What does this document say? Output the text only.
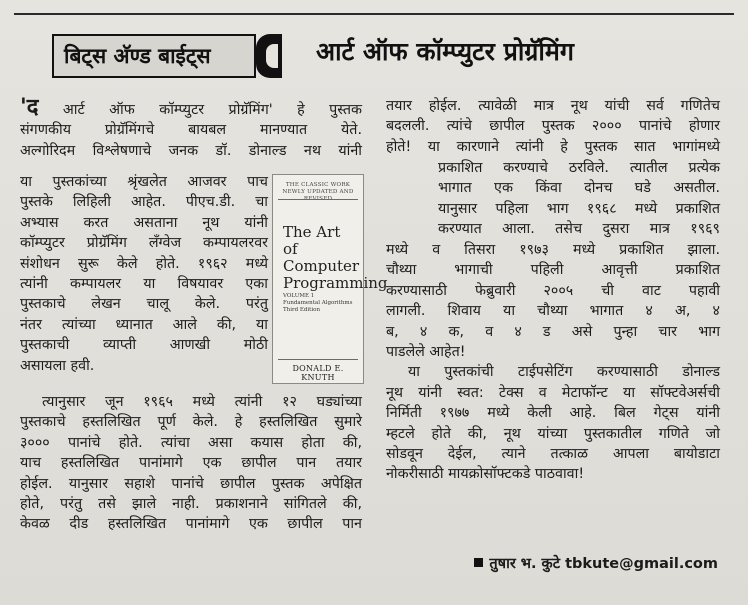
बिट्स अ‍ॅण्ड बाईट्स	आर्ट ऑफ कॉम्प्युटर प्रोग्रॅमिंग

'द आर्ट ऑफ कॉम्प्युटर प्रोग्रॅमिंग' हे पुस्तक

संगणकीय प्रोग्रॅमिंगचे बायबल मानण्यात येते.

अल्गोरिदम विश्लेषणाचे जनक डॉ. डोनाल्ड नथ यांनी

या पुस्तकांच्या श्रृंखलेत आजवर पाच

पुस्तके लिहिली आहेत. पीएच.डी. चा

अभ्यास करत असताना नूथ यांनी

कॉम्प्युटर प्रोग्रॅमिंग लँग्वेज कम्पायलरवर

संशोधन सुरू केले होते. १९६२ मध्ये

त्यांनी कम्पायलर या विषयावर एका

पुस्तकाचे लेखन चालू केले. परंतु

नंतर त्यांच्या ध्यानात आले की, या

पुस्तकाची व्याप्ती आणखी मोठी

असायला हवी.

THE CLASSIC WORK NEWLY UPDATED AND
The Art of
Computer
Programming
VOLUME 1
Fundamental Algorithms
Third Edition
DONALD E. KNUTH

त्यानुसार जून १९६५ मध्ये त्यांनी १२ घड्यांच्या

पुस्तकाचे हस्तलिखित पूर्ण केले. हे हस्तलिखित सुमारे

३००० पानांचे होते. त्यांचा असा कयास होता की,

याच हस्तलिखित पानांमागे एक छापील पान तयार

होईल. यानुसार सहाशे पानांचे छापील पुस्तक अपेक्षित

होते, परंतु तसे झाले नाही. प्रकाशनाने सांगितले की,

केवळ दीड हस्तलिखित पानांमागे एक छापील पान

तयार होईल. त्यावेळी मात्र नूथ यांची सर्व गणितेच

बदलली. त्यांचे छापील पुस्तक २००० पानांचे होणार

होते! या कारणाने त्यांनी हे पुस्तक सात भागांमध्ये

प्रकाशित करण्याचे ठरविले. त्यातील प्रत्येक

भागात एक किंवा दोनच घडे असतील.

यानुसार पहिला भाग १९६८ मध्ये प्रकाशित

करण्यात आला. तसेच दुसरा मात्र १९६९

मध्ये व तिसरा १९७३ मध्ये प्रकाशित झाला.

चौथ्या भागाची पहिली आवृत्ती प्रकाशित

करण्यासाठी फेब्रुवारी २००५ ची वाट पहावी

लागली. शिवाय या चौथ्या भागात ४ अ, ४

ब, ४ क, व ४ ड असे पुन्हा चार भाग

पाडलेले आहेत!

या पुस्तकांची टाईपसेटिंग करण्यासाठी डोनाल्ड

नूथ यांनी स्वत: टेक्स व मेटाफॉन्ट या सॉफ्टवेअर्सची

निर्मिती १९७७ मध्ये केली आहे. बिल गेट्स यांनी

म्हटले होते की, नूथ यांच्या पुस्तकातील गणिते जो

सोडवून देईल, त्याने तत्काळ आपला बायोडाटा

नोकरीसाठी मायक्रोसॉफ्टकडे पाठवावा!

तुषार भ. कुटे tbkute@gmail.com
